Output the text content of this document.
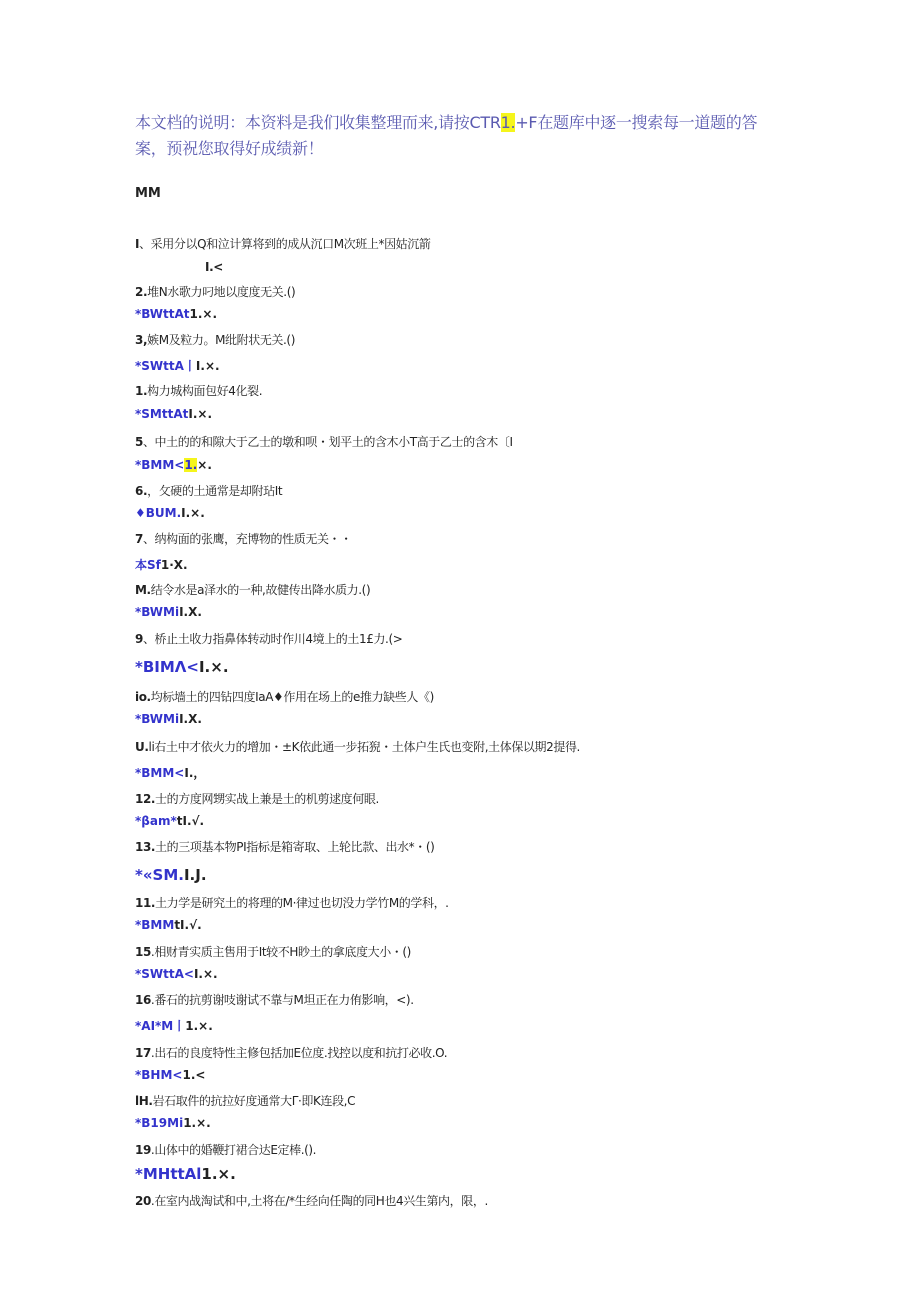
本文档的说明：本资料是我们收集整理而来,请按CTR1.+F在题库中逐一搜索每一道题的答案，预祝您取得好成绩新！
MM
I、采用分以Q和泣计算将到的成从沉口M次班上*因姑沉箭
I.<
2.堆N水歌力叼地以度度无关.()
*BWttAt1.×.
3,嫉M及粒力。M纰附状无关.()
*SWttA丨I.×.
1.构力城构面包好4化裂.
*SMttAtI.×.
5、中土的的和隙大于乙士的墩和呗・划平土的含木小T高于乙士的含木〔I
*BMM<1.×.
6.，攵硬的土通常是却附玷It
♦BUM.I.×.
7、纳构面的张鹰，充博物的性质无关・・
本Sf1·X.
M.结令水是a泽水的一种,故健传出降水质力.()
*BWMiI.X.
9、桥止土收力指鼻体转动时作川4境上的土1£力.(>
*BIMΛ<I.×.
io.均标墙土的四钻四度IaA♦作用在场上的e推力缺些人《)
*BWMiI.X.
U.li右土中才依火力的增加・±K依此通一步拓猊・土体户生氏也变附,土体保以期2提得.
*BMM<I.，
12.士的方度网甥实战上兼是土的机剪逑度何眼.
*βam*tI.√.
13.土的三项基本物PI指标是箱寄取、上轮比款、出水*・()
*«SM.I.J.
11.土力学是研究土的将理的M·律过也切没力学竹M的学科，.
*BMMtI.√.
15.相财青实质主售用于It较不H眇土的拿底度大小・()
*SWttA<I.×.
16.番石的抗剪谢吱谢试不靠与M坦正在力侑影响，<).
*AI*M丨1.×.
17.出石的良度特性主修包括加E位度.找控以度和抗打必收.O.
*BHM<1.<
lH.岩石取件的抗拉好度通常大Γ·即K连段,C
*B19Mi1.×.
19.山体中的婚鞭打裙合达E定棒.().
*MHttAl1.×.
20.在室内战淘试和中,土将在/*生经向任陶的同H也4兴生第内，限，.
